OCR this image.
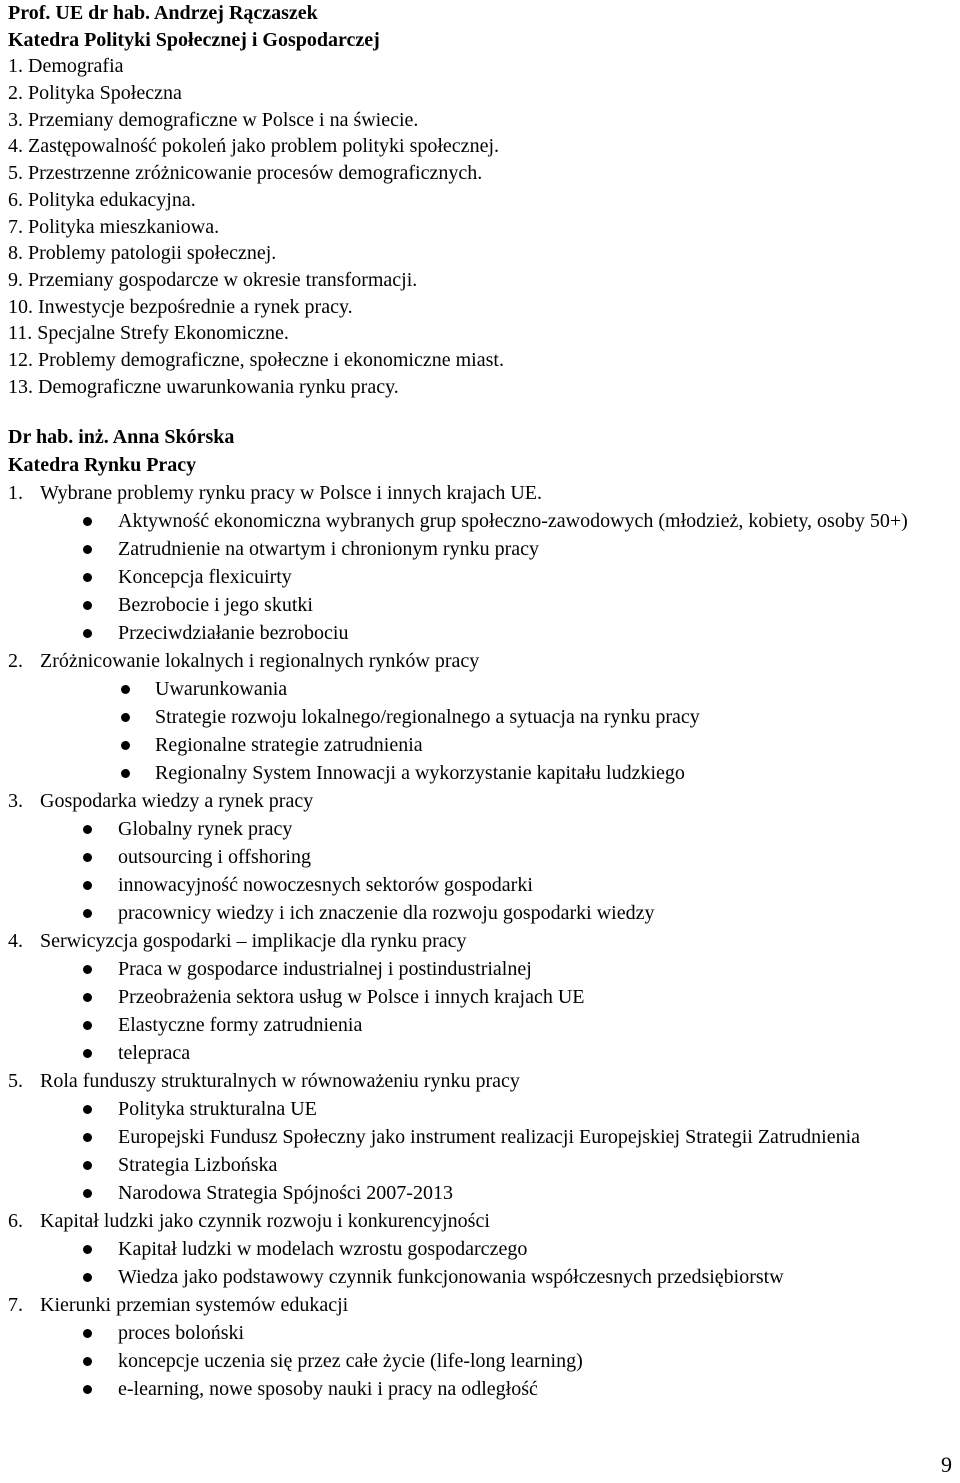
Prof. UE dr hab. Andrzej Rączaszek
Katedra Polityki Społecznej i Gospodarczej
1. Demografia
2. Polityka Społeczna
3. Przemiany demograficzne w Polsce i na świecie.
4. Zastępowalność pokoleń jako problem polityki społecznej.
5. Przestrzenne zróżnicowanie procesów demograficznych.
6. Polityka edukacyjna.
7. Polityka mieszkaniowa.
8. Problemy patologii społecznej.
9. Przemiany gospodarcze w okresie transformacji.
10. Inwestycje bezpośrednie a rynek pracy.
11. Specjalne Strefy Ekonomiczne.
12. Problemy demograficzne, społeczne i ekonomiczne miast.
13. Demograficzne uwarunkowania rynku pracy.
Dr hab. inż. Anna Skórska
Katedra Rynku Pracy
1. Wybrane problemy rynku pracy w Polsce i innych krajach UE.
Aktywność ekonomiczna wybranych grup społeczno-zawodowych (młodzież, kobiety, osoby 50+)
Zatrudnienie na otwartym i chronionym rynku pracy
Koncepcja flexicuirty
Bezrobocie i jego skutki
Przeciwdziałanie bezrobociu
2. Zróżnicowanie lokalnych i regionalnych rynków pracy
Uwarunkowania
Strategie rozwoju lokalnego/regionalnego a sytuacja na rynku pracy
Regionalne strategie zatrudnienia
Regionalny System Innowacji a wykorzystanie kapitału ludzkiego
3. Gospodarka wiedzy a rynek pracy
Globalny rynek pracy
outsourcing i offshoring
innowacyjność nowoczesnych sektorów gospodarki
pracownicy wiedzy i ich znaczenie dla rozwoju gospodarki wiedzy
4. Serwicyzcja gospodarki – implikacje dla rynku pracy
Praca w gospodarce industrialnej i postindustrialnej
Przeobrażenia sektora usług w Polsce i innych krajach UE
Elastyczne formy zatrudnienia
telepraca
5. Rola funduszy strukturalnych w równoważeniu rynku pracy
Polityka strukturalna UE
Europejski Fundusz Społeczny jako instrument realizacji Europejskiej Strategii Zatrudnienia
Strategia Lizbońska
Narodowa Strategia Spójności 2007-2013
6. Kapitał ludzki jako czynnik rozwoju i konkurencyjności
Kapitał ludzki w modelach wzrostu gospodarczego
Wiedza jako podstawowy czynnik funkcjonowania współczesnych przedsiębiorstw
7. Kierunki przemian systemów edukacji
proces boloński
koncepcje uczenia się przez całe życie (life-long learning)
e-learning, nowe sposoby nauki i pracy na odległość
9
